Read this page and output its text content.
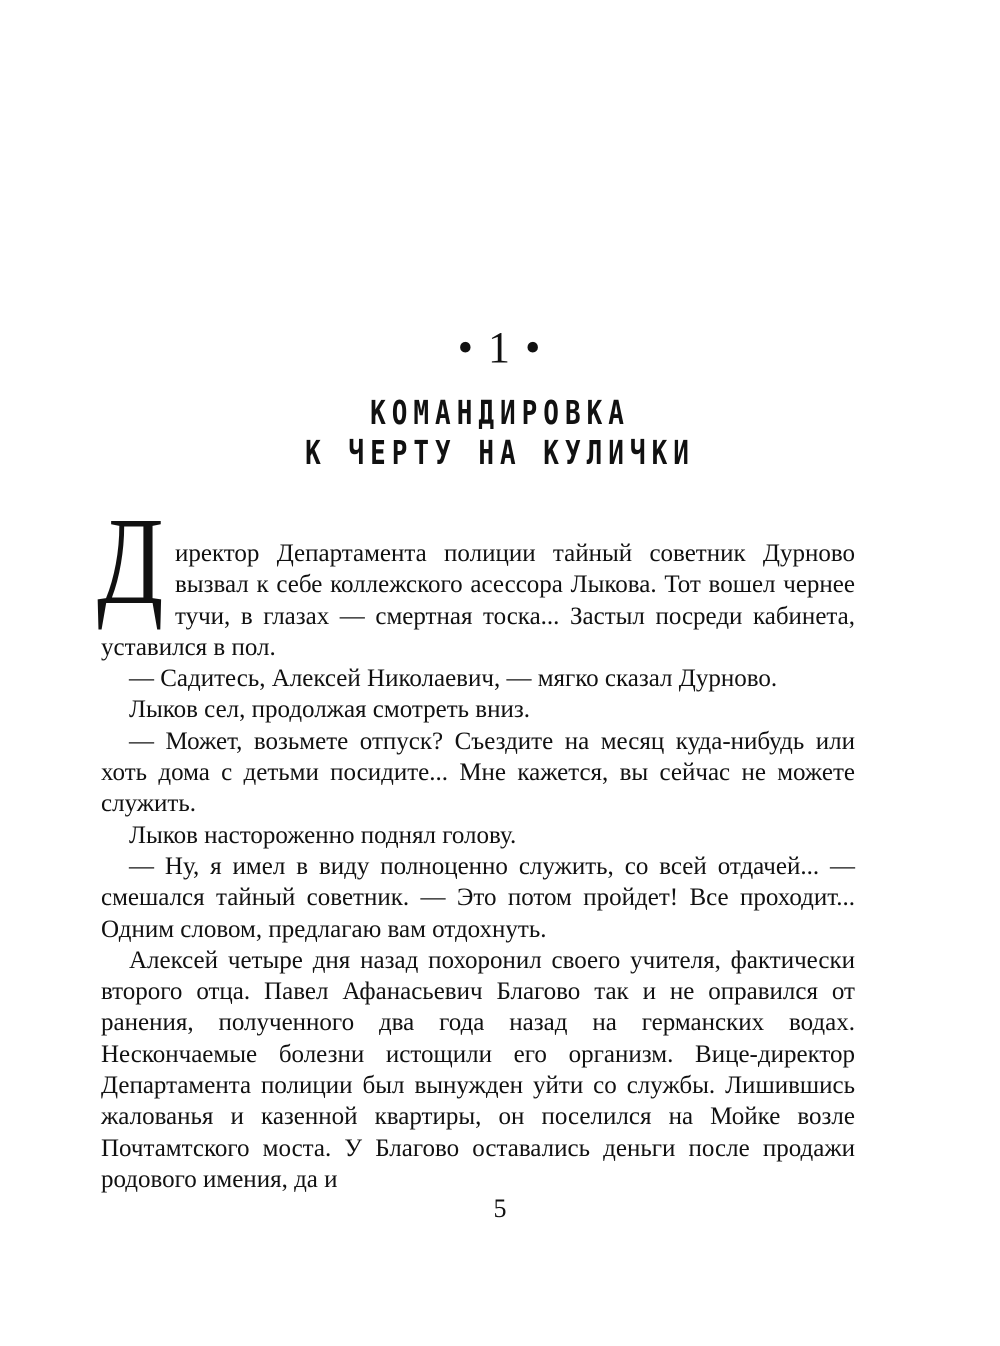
• 1 •
КОМАНДИРОВКА
К ЧЕРТУ НА КУЛИЧКИ

Директор Департамента полиции тайный советник Дурново вызвал к себе коллежского асессора Лыкова. Тот вошел чернее тучи, в глазах — смертная тоска... Застыл посреди кабинета, уставился в пол.

— Садитесь, Алексей Николаевич, — мягко сказал Дурново.

Лыков сел, продолжая смотреть вниз.

— Может, возьмете отпуск? Съездите на месяц куда-нибудь или хоть дома с детьми посидите... Мне кажется, вы сейчас не можете служить.

Лыков настороженно поднял голову.

— Ну, я имел в виду полноценно служить, со всей отдачей... — смешался тайный советник. — Это потом пройдет! Все проходит... Одним словом, предлагаю вам отдохнуть.

Алексей четыре дня назад похоронил своего учителя, фактически второго отца. Павел Афанасьевич Благово так и не оправился от ранения, полученного два года назад на германских водах. Нескончаемые болезни истощили его организм. Вице-директор Департамента полиции был вынужден уйти со службы. Лишившись жалованья и казенной квартиры, он поселился на Мойке возле Почтамтского моста. У Благово оставались деньги после продажи родового имения, да и

5
